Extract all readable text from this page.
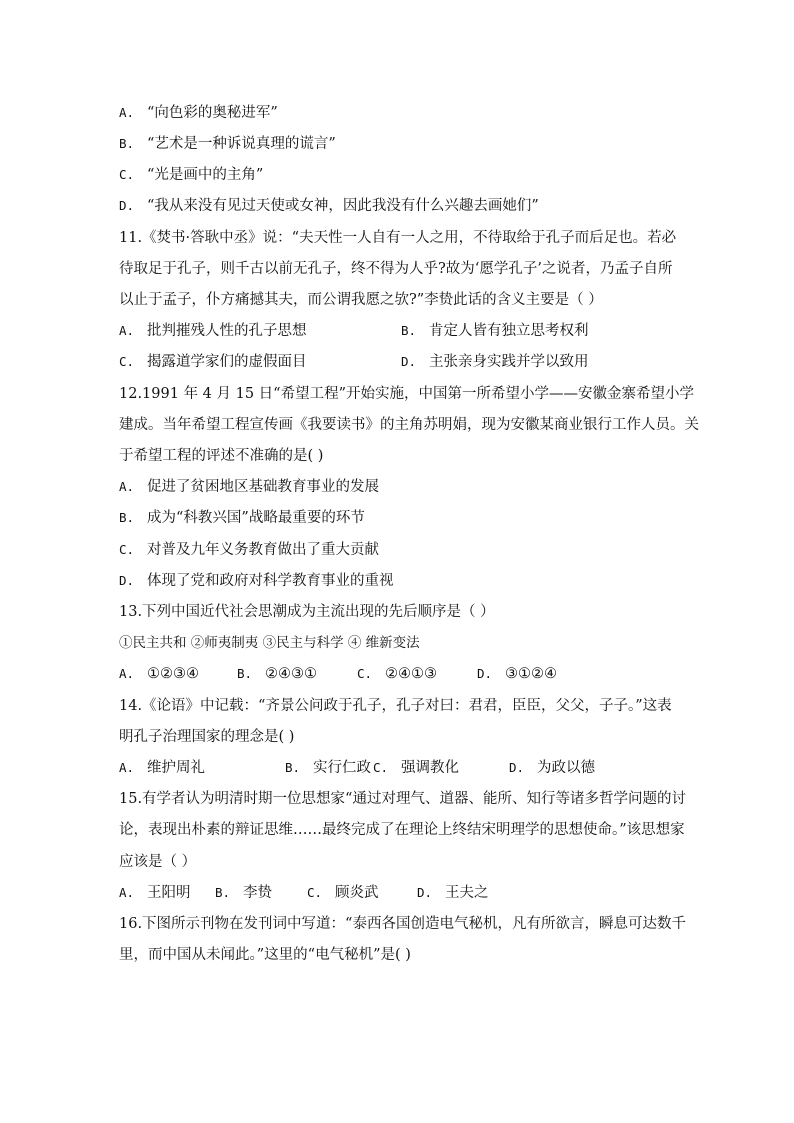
A. “向色彩的奥秘进军”
B. “艺术是一种诉说真理的谎言”
C. “光是画中的主角”
D. “我从来没有见过天使或女神，因此我没有什么兴趣去画她们”
11.《焚书·答耿中丞》说：“夫天性一人自有一人之用，不待取给于孔子而后足也。若必
待取足于孔子，则千古以前无孔子，终不得为人乎?故为‘愿学孔子’之说者，乃孟子自所
以止于孟子，仆方痛撼其夫，而公谓我愿之欤?”李贽此话的含义主要是（ ）
A. 批判摧残人性的孔子思想	B. 肯定人皆有独立思考权利
C. 揭露道学家们的虚假面目	D. 主张亲身实践并学以致用
12.1991 年 4 月 15 日“希望工程”开始实施，中国第一所希望小学——安徽金寨希望小学
建成。当年希望工程宣传画《我要读书》的主角苏明娟，现为安徽某商业银行工作人员。关
于希望工程的评述不准确的是( )
A. 促进了贫困地区基础教育事业的发展
B. 成为“科教兴国”战略最重要的环节
C. 对普及九年义务教育做出了重大贡献
D. 体现了党和政府对科学教育事业的重视
13.下列中国近代社会思潮成为主流出现的先后顺序是（ ）
①民主共和 ②师夷制夷 ③民主与科学 ④ 维新变法
A. ①②③④	B. ②④③①	C. ②④①③	D. ③①②④
14.《论语》中记载：“齐景公问政于孔子，孔子对曰：君君，臣臣，父父，子子。”这表
明孔子治理国家的理念是( )
A. 维护周礼	B. 实行仁政 C. 强调教化	D. 为政以德
15.有学者认为明清时期一位思想家“通过对理气、道器、能所、知行等诸多哲学问题的讨
论，表现出朴素的辩证思维……最终完成了在理论上终结宋明理学的思想使命。”该思想家
应该是（ ）
A. 王阳明 B. 李贽	C. 顾炎武	D. 王夫之
16.下图所示刊物在发刊词中写道：“泰西各国创造电气秘机，凡有所欲言，瞬息可达数千
里，而中国从未闻此。”这里的“电气秘机”是( )
